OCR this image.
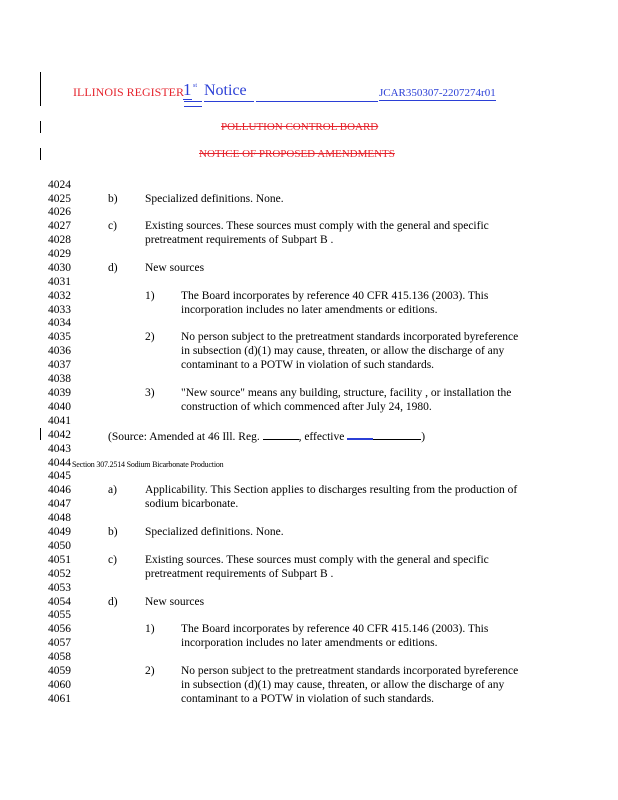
ILLINOIS REGISTER 1 st Notice	JCAR350307-2207274r01
POLLUTION CONTROL BOARD
NOTICE OF PROPOSED AMENDMENTS
4024
4025
4026
4027
4028
4029
4030
4031
4032
4033
4034
4035
4036
4037
4038
4039
4040
4041
4042
4043
4044
4045
4046
4047
4048
4049
4050
4051
4052
4053
4054
4055
4056
4057
4058
4059
4060
4061
b) Specialized definitions. None.
c) Existing sources. These sources must comply with the general and specific
pretreatment requirements of Subpart B .
d) New sources
1) The Board incorporates by reference 40 CFR 415.136 (2003). This
incorporation includes no later amendments or editions.
2) No person subject to the pretreatment standards incorporated byreference
in subsection (d)(1) may cause, threaten, or allow the discharge of any
contaminant to a POTW in violation of such standards.
3) "New source" means any building, structure, facility , or installation the
construction of which commenced after July 24, 1980.
(Source: Amended at 46 Ill. Reg.	, effective	)
Section 307.2514 Sodium Bicarbonate Production
a) Applicability. This Section applies to discharges resulting from the production of
sodium bicarbonate.
b) Specialized definitions. None.
c) Existing sources. These sources must comply with the general and specific
pretreatment requirements of Subpart B .
d) New sources
1) The Board incorporates by reference 40 CFR 415.146 (2003). This
incorporation includes no later amendments or editions.
2) No person subject to the pretreatment standards incorporated byreference
in subsection (d)(1) may cause, threaten, or allow the discharge of any
contaminant to a POTW in violation of such standards.
